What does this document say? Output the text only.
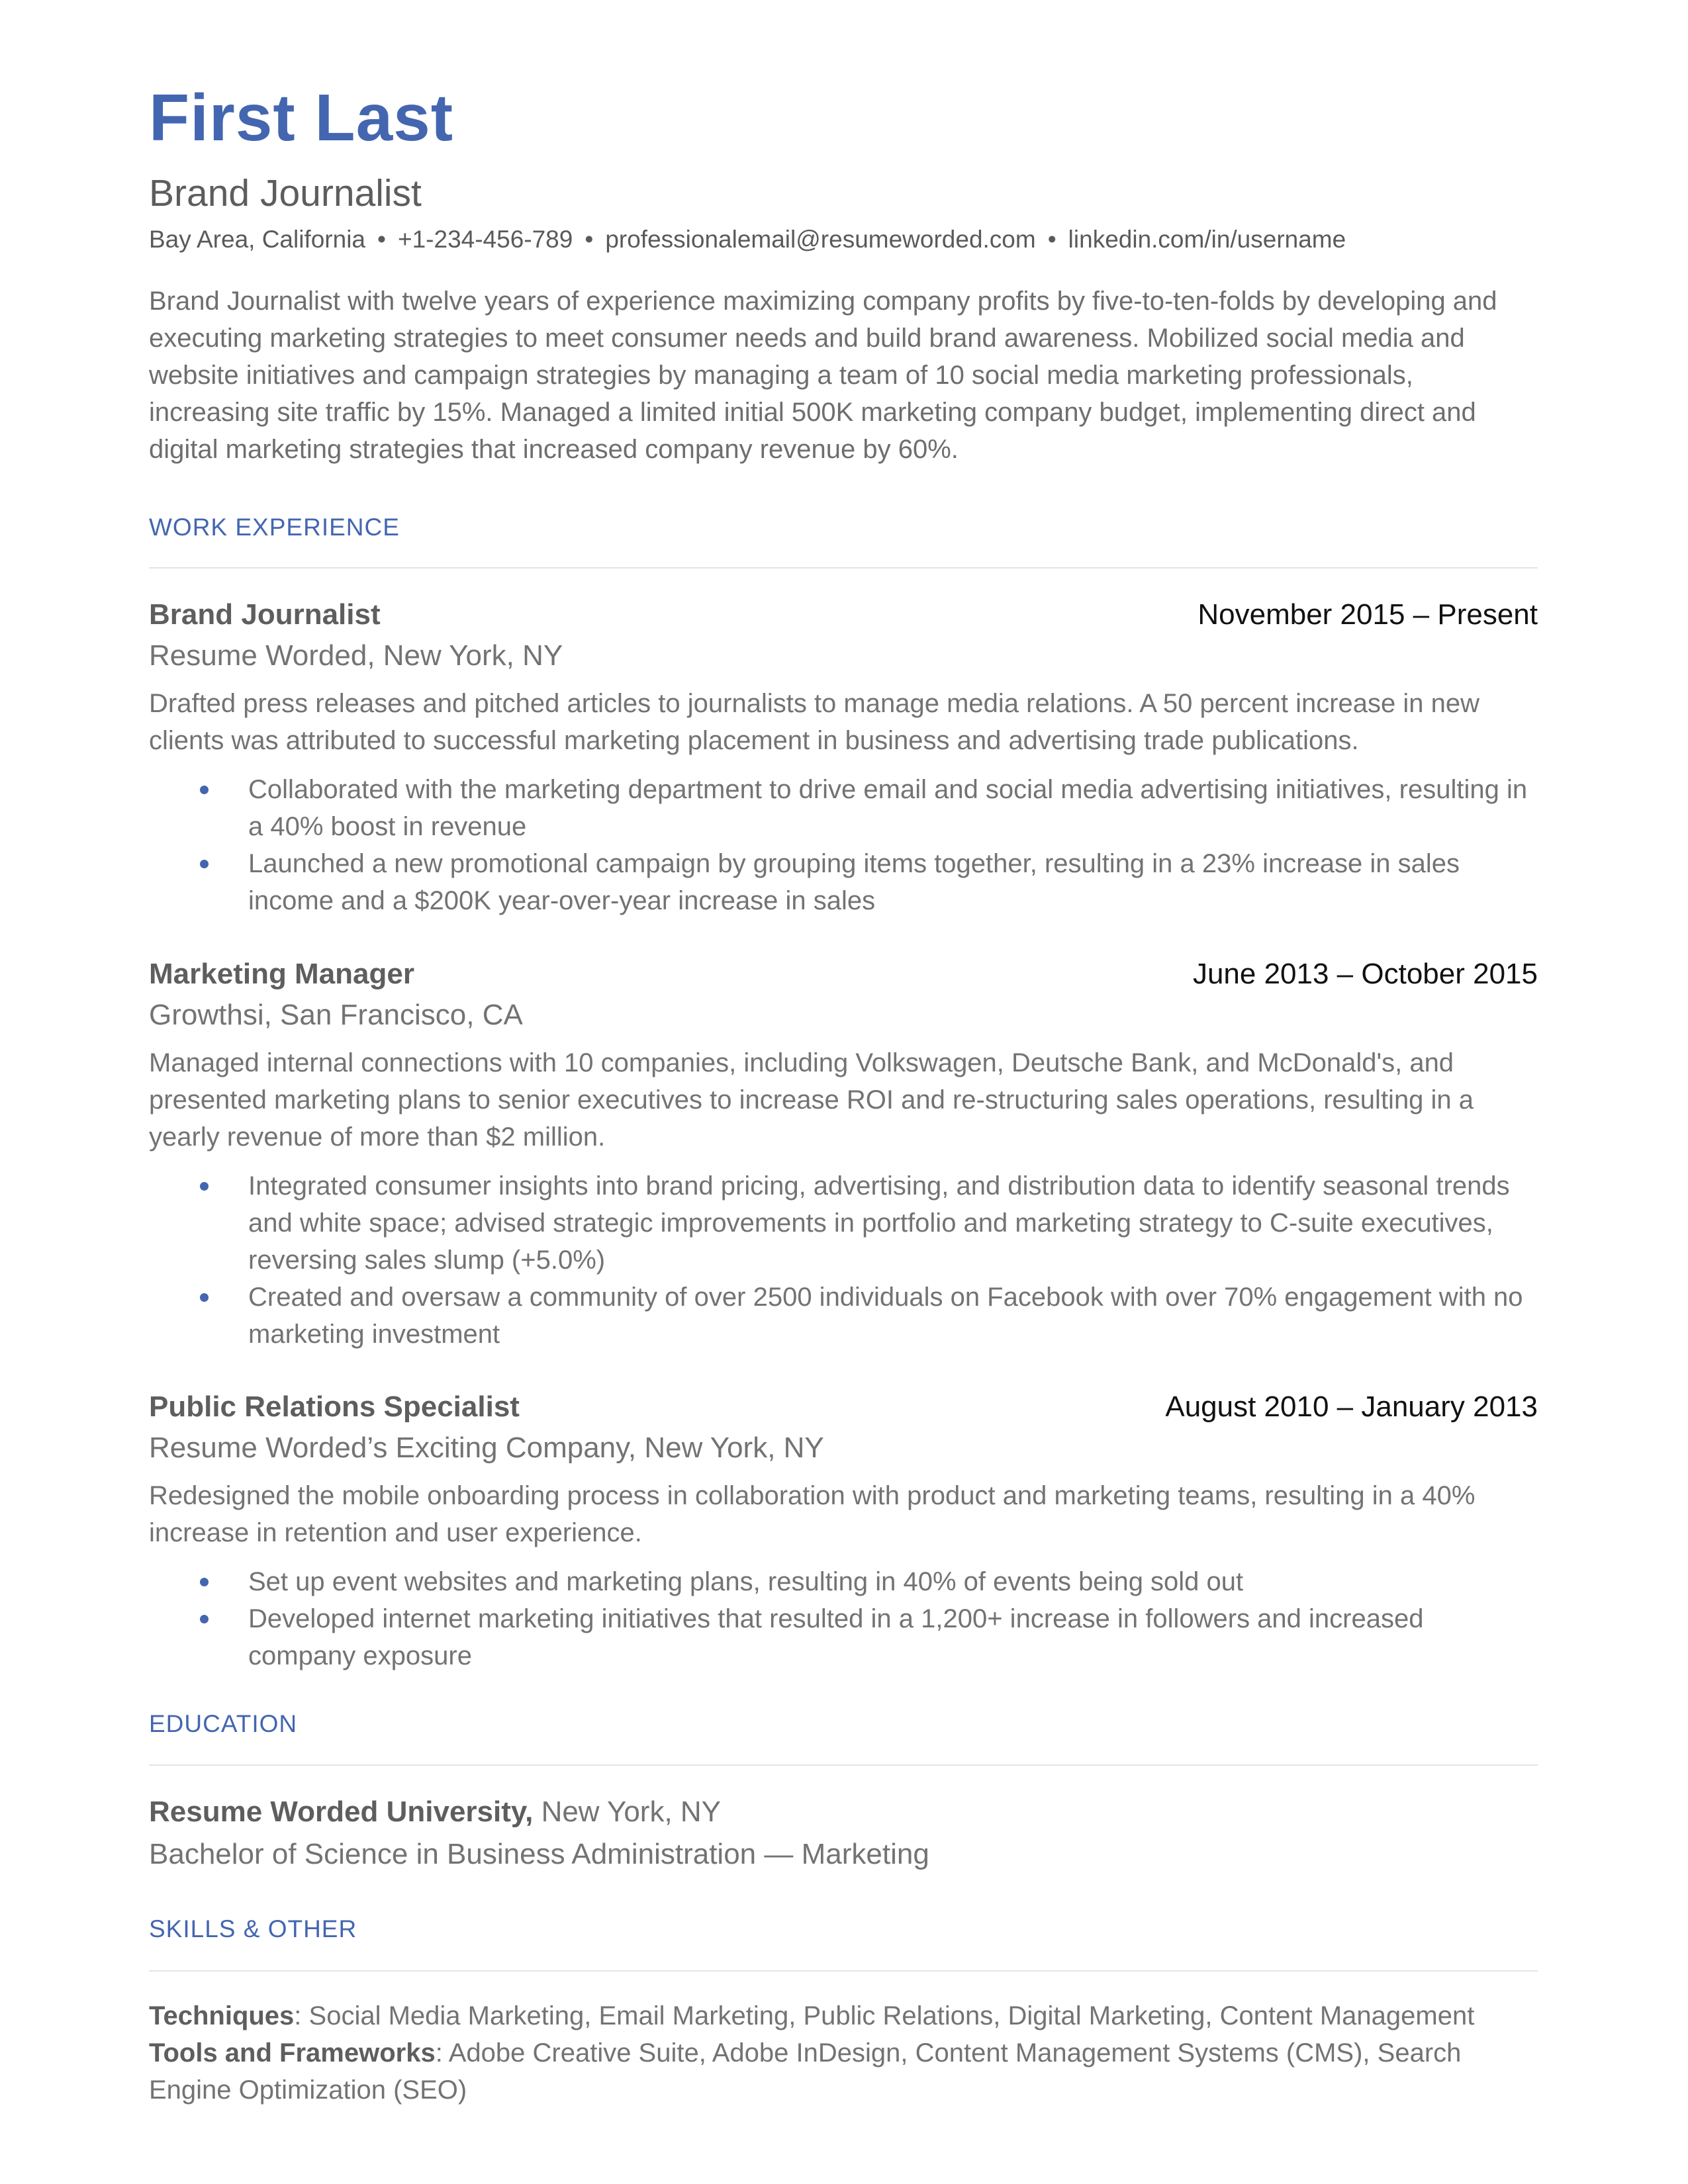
First Last
Brand Journalist
Bay Area, California • +1-234-456-789 • professionalemail@resumeworded.com • linkedin.com/in/username
Brand Journalist with twelve years of experience maximizing company profits by five-to-ten-folds by developing and executing marketing strategies to meet consumer needs and build brand awareness. Mobilized social media and website initiatives and campaign strategies by managing a team of 10 social media marketing professionals, increasing site traffic by 15%. Managed a limited initial 500K marketing company budget, implementing direct and digital marketing strategies that increased company revenue by 60%.
WORK EXPERIENCE
Brand Journalist	November 2015 – Present
Resume Worded, New York, NY
Drafted press releases and pitched articles to journalists to manage media relations. A 50 percent increase in new clients was attributed to successful marketing placement in business and advertising trade publications.
Collaborated with the marketing department to drive email and social media advertising initiatives, resulting in a 40% boost in revenue
Launched a new promotional campaign by grouping items together, resulting in a 23% increase in sales income and a $200K year-over-year increase in sales
Marketing Manager	June 2013 – October 2015
Growthsi, San Francisco, CA
Managed internal connections with 10 companies, including Volkswagen, Deutsche Bank, and McDonald's, and presented marketing plans to senior executives to increase ROI and re-structuring sales operations, resulting in a yearly revenue of more than $2 million.
Integrated consumer insights into brand pricing, advertising, and distribution data to identify seasonal trends and white space; advised strategic improvements in portfolio and marketing strategy to C-suite executives, reversing sales slump (+5.0%)
Created and oversaw a community of over 2500 individuals on Facebook with over 70% engagement with no marketing investment
Public Relations Specialist	August 2010 – January 2013
Resume Worded’s Exciting Company, New York, NY
Redesigned the mobile onboarding process in collaboration with product and marketing teams, resulting in a 40% increase in retention and user experience.
Set up event websites and marketing plans, resulting in 40% of events being sold out
Developed internet marketing initiatives that resulted in a 1,200+ increase in followers and increased company exposure
EDUCATION
Resume Worded University, New York, NY
Bachelor of Science in Business Administration — Marketing
SKILLS & OTHER
Techniques: Social Media Marketing, Email Marketing, Public Relations, Digital Marketing, Content Management
Tools and Frameworks: Adobe Creative Suite, Adobe InDesign, Content Management Systems (CMS), Search Engine Optimization (SEO)
